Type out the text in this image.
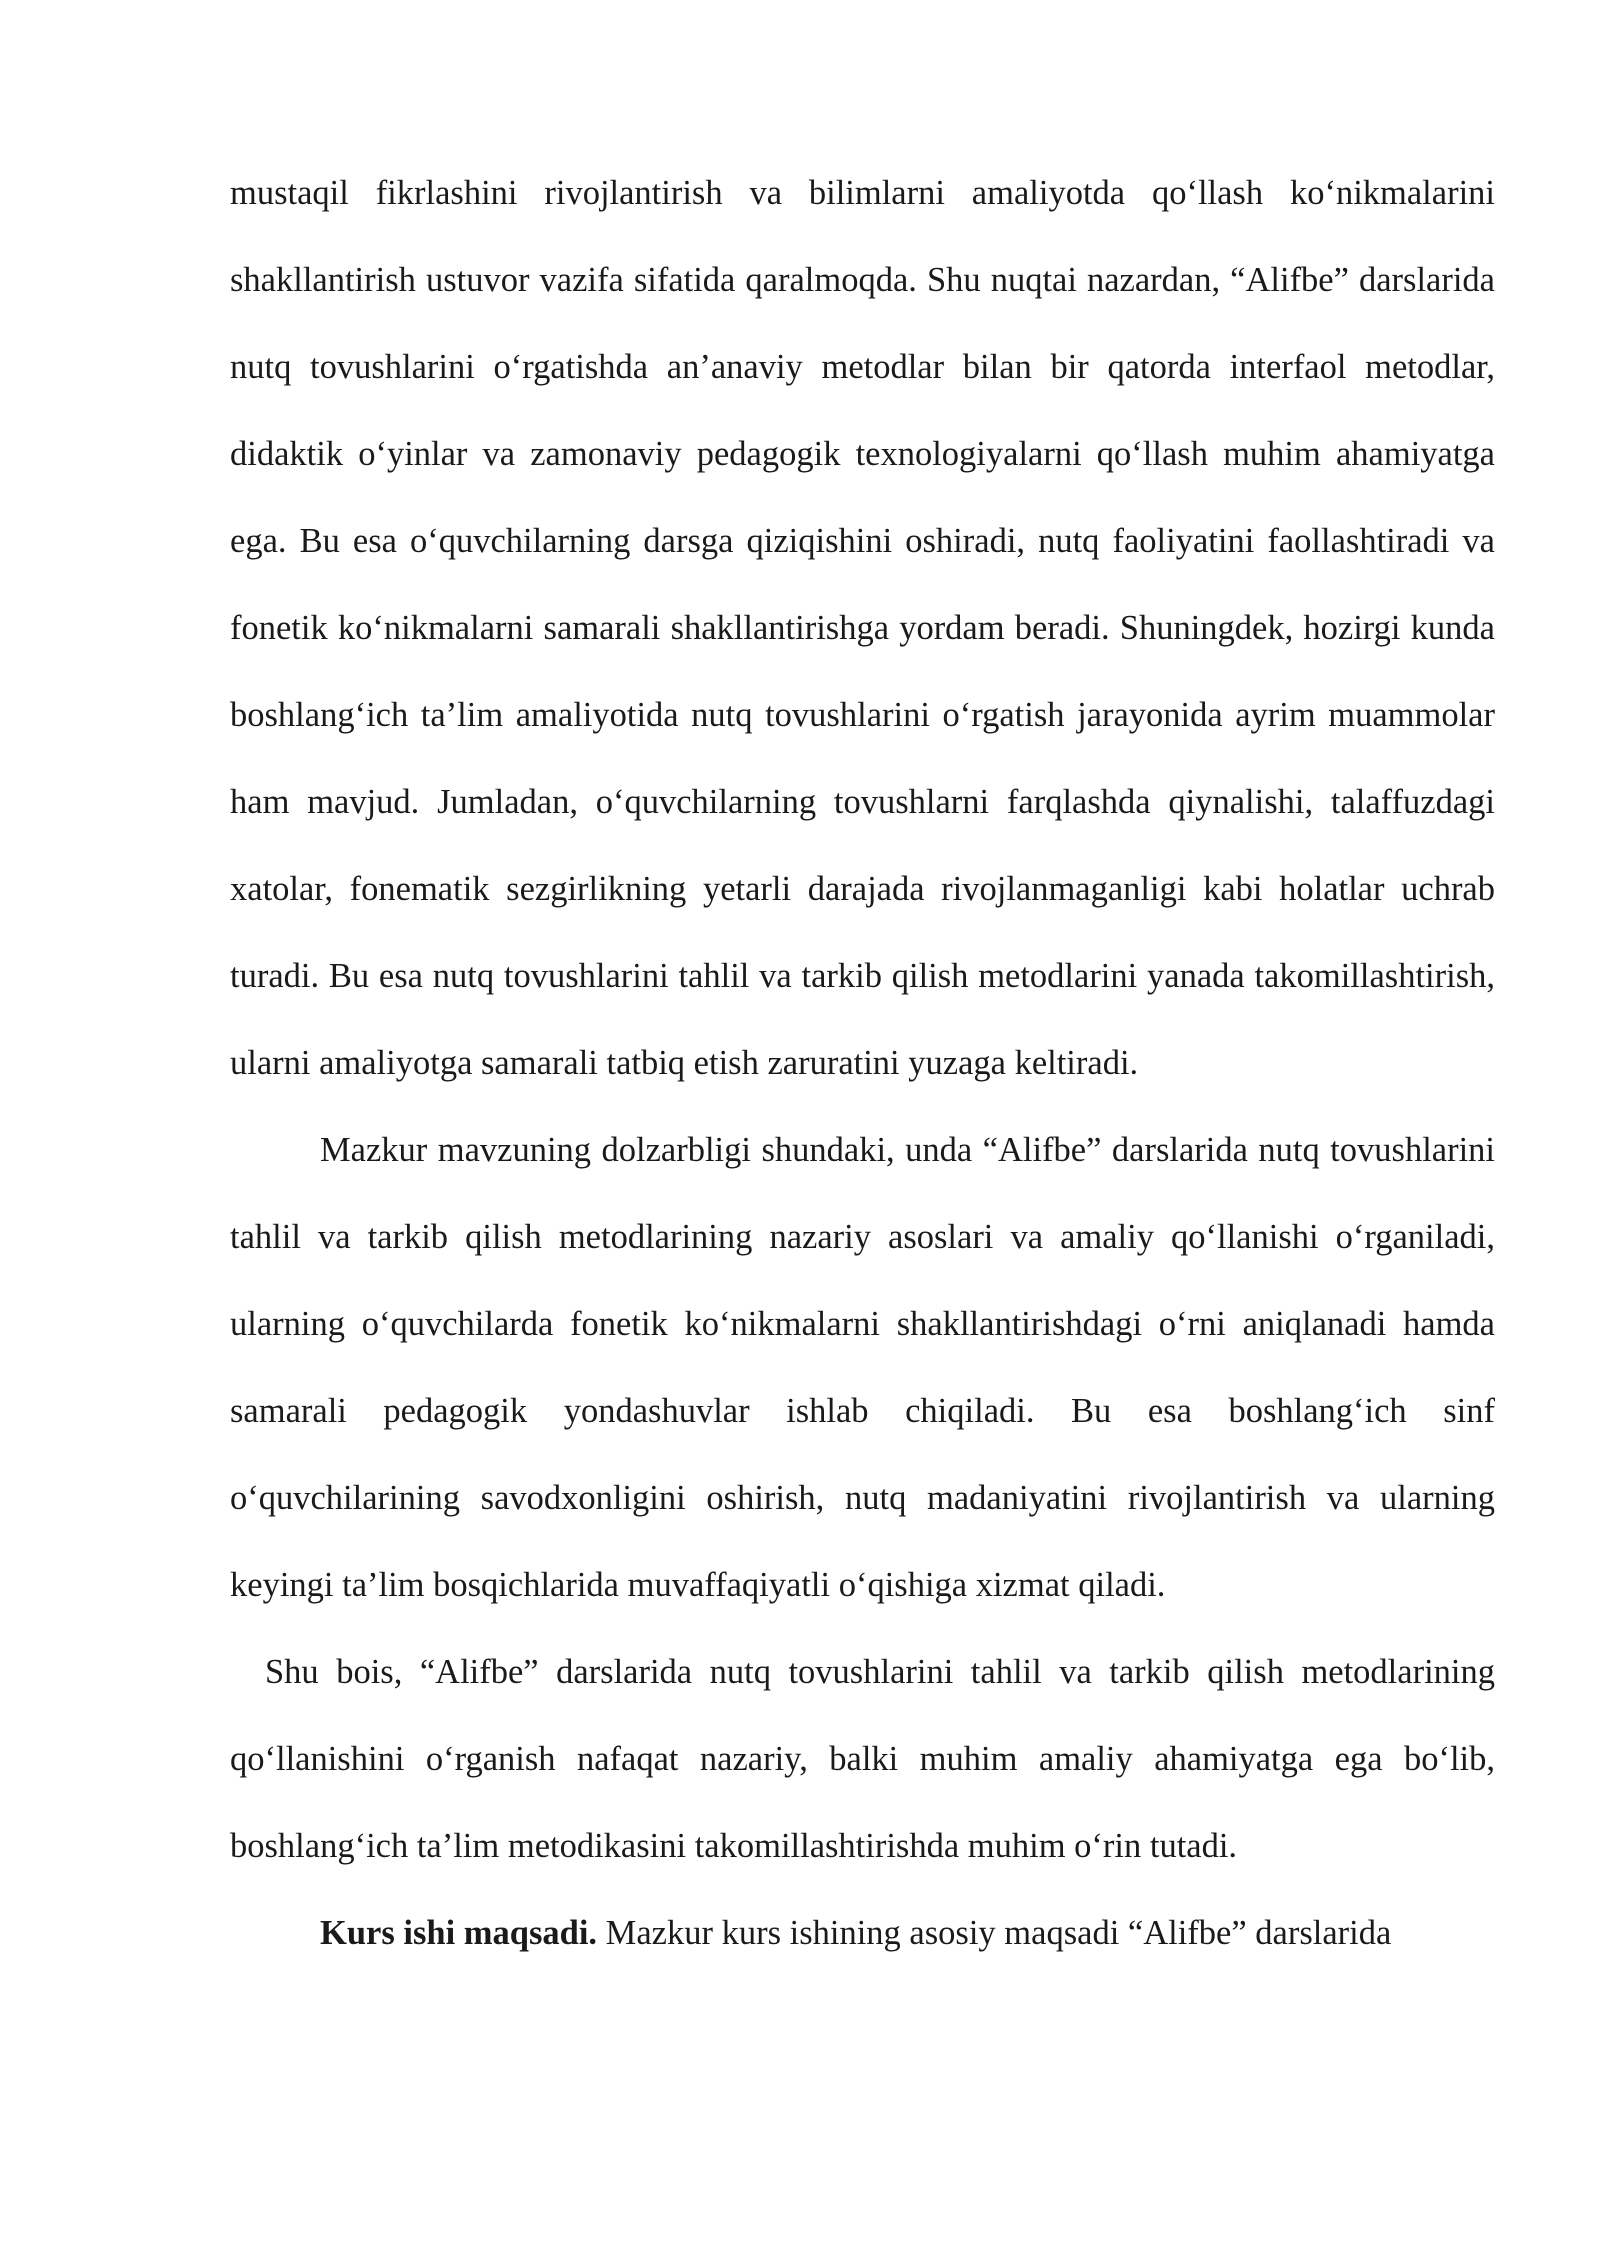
mustaqil fikrlashini rivojlantirish va bilimlarni amaliyotda qo‘llash ko‘nikmalarini shakllantirish ustuvor vazifa sifatida qaralmoqda. Shu nuqtai nazardan, “Alifbe” darslarida nutq tovushlarini o‘rgatishda an’anaviy metodlar bilan bir qatorda interfaol metodlar, didaktik o‘yinlar va zamonaviy pedagogik texnologiyalarni qo‘llash muhim ahamiyatga ega. Bu esa o‘quvchilarning darsga qiziqishini oshiradi, nutq faoliyatini faollashtiradi va fonetik ko‘nikmalarni samarali shakllantirishga yordam beradi. Shuningdek, hozirgi kunda boshlang‘ich ta’lim amaliyotida nutq tovushlarini o‘rgatish jarayonida ayrim muammolar ham mavjud. Jumladan, o‘quvchilarning tovushlarni farqlashda qiynalishi, talaffuzdagi xatolar, fonematik sezgirlikning yetarli darajada rivojlanmaganligi kabi holatlar uchrab turadi. Bu esa nutq tovushlarini tahlil va tarkib qilish metodlarini yanada takomillashtirish, ularni amaliyotga samarali tatbiq etish zaruratini yuzaga keltiradi.

Mazkur mavzuning dolzarbligi shundaki, unda “Alifbe” darslarida nutq tovushlarini tahlil va tarkib qilish metodlarining nazariy asoslari va amaliy qo‘llanishi o‘rganiladi, ularning o‘quvchilarda fonetik ko‘nikmalarni shakllantirishdagi o‘rni aniqlanadi hamda samarali pedagogik yondashuvlar ishlab chiqiladi. Bu esa boshlang‘ich sinf o‘quvchilarining savodxonligini oshirish, nutq madaniyatini rivojlantirish va ularning keyingi ta’lim bosqichlarida muvaffaqiyatli o‘qishiga xizmat qiladi.

Shu bois, “Alifbe” darslarida nutq tovushlarini tahlil va tarkib qilish metodlarining qo‘llanishini o‘rganish nafaqat nazariy, balki muhim amaliy ahamiyatga ega bo‘lib, boshlang‘ich ta’lim metodikasini takomillashtirishda muhim o‘rin tutadi.

Kurs ishi maqsadi. Mazkur kurs ishining asosiy maqsadi “Alifbe” darslarida
